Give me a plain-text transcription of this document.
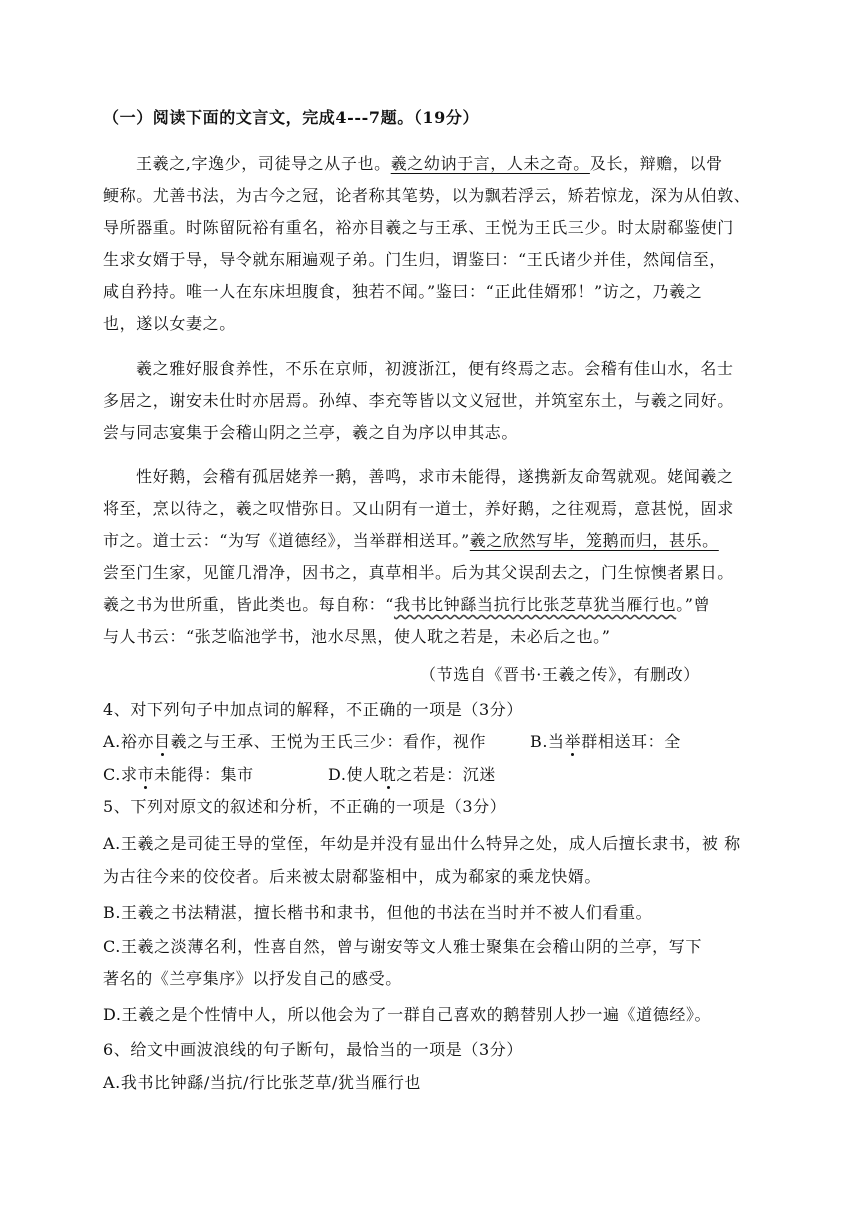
（一）阅读下面的文言文，完成4---7题。（19分）
王羲之,字逸少，司徒导之从子也。羲之幼讷于言，人未之奇。及长，辩赡，以骨
鲠称。尤善书法，为古今之冠，论者称其笔势，以为飘若浮云，矫若惊龙，深为从伯敦、
导所器重。时陈留阮裕有重名，裕亦目羲之与王承、王悦为王氏三少。时太尉郗鉴使门
生求女婿于导，导令就东厢遍观子弟。门生归，谓鉴曰：“王氏诸少并佳，然闻信至，
咸自矜持。唯一人在东床坦腹食，独若不闻。”鉴曰：“正此佳婿邪！”访之，乃羲之
也，遂以女妻之。
羲之雅好服食养性，不乐在京师，初渡浙江，便有终焉之志。会稽有佳山水，名士
多居之，谢安未仕时亦居焉。孙绰、李充等皆以文义冠世，并筑室东土，与羲之同好。
尝与同志宴集于会稽山阴之兰亭，羲之自为序以申其志。
性好鹅，会稽有孤居姥养一鹅，善鸣，求市未能得，遂携新友命驾就观。姥闻羲之
将至，烹以待之，羲之叹惜弥日。又山阴有一道士，养好鹅，之往观焉，意甚悦，固求
市之。道士云：“为写《道德经》，当举群相送耳。”羲之欣然写毕，笼鹅而归，甚乐。
尝至门生家，见篚几滑净，因书之，真草相半。后为其父误刮去之，门生惊懊者累日。
羲之书为世所重，皆此类也。每自称：“我书比钟繇当抗行比张芝草犹当雁行也。”曾
与人书云：“张芝临池学书，池水尽黑，使人耽之若是，未必后之也。”
（节选自《晋书·王羲之传》，有删改）
4、对下列句子中加点词的解释，不正确的一项是（3分）
A.裕亦目羲之与王承、王悦为王氏三少：看作，视作	B.当举群相送耳：全
C.求市未能得：集市	D.使人耽之若是：沉迷
5、下列对原文的叙述和分析，不正确的一项是（3分）
A.王羲之是司徒王导的堂侄，年幼是并没有显出什么特异之处，成人后擅长隶书，被 称
为古往今来的佼佼者。后来被太尉郗鉴相中，成为郗家的乘龙快婿。
B.王羲之书法精湛，擅长楷书和隶书，但他的书法在当时并不被人们看重。
C.王羲之淡薄名利，性喜自然，曾与谢安等文人雅士聚集在会稽山阴的兰亭，写下
著名的《兰亭集序》以抒发自己的感受。
D.王羲之是个性情中人，所以他会为了一群自己喜欢的鹅替别人抄一遍《道德经》。
6、给文中画波浪线的句子断句，最恰当的一项是（3分）
A.我书比钟繇/当抗/行比张芝草/犹当雁行也
